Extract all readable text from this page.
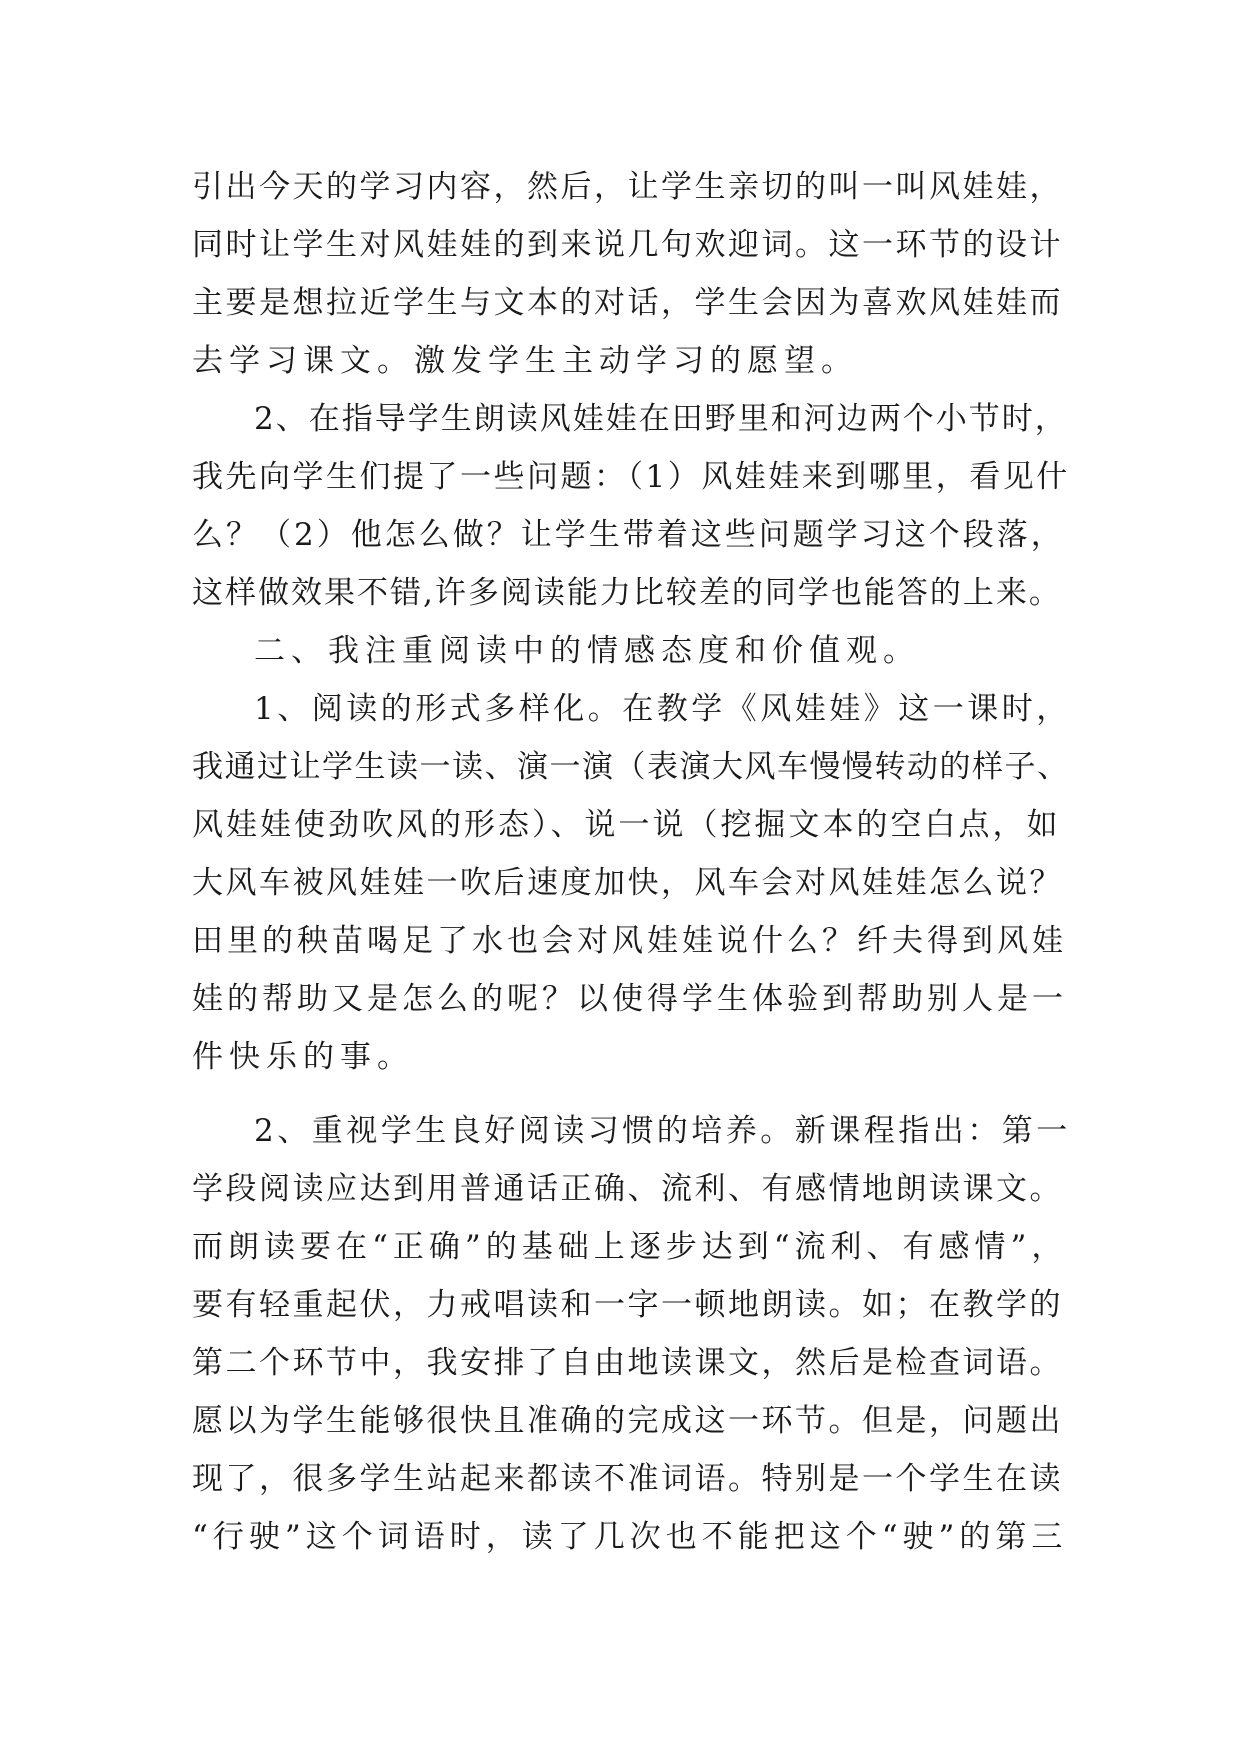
引出今天的学习内容，然后，让学生亲切的叫一叫风娃娃，
同时让学生对风娃娃的到来说几句欢迎词。这一环节的设计
主要是想拉近学生与文本的对话，学生会因为喜欢风娃娃而
去学习课文。激发学生主动学习的愿望。
2、在指导学生朗读风娃娃在田野里和河边两个小节时，
我先向学生们提了一些问题：（1）风娃娃来到哪里，看见什
么？（2）他怎么做？让学生带着这些问题学习这个段落，
这样做效果不错,许多阅读能力比较差的同学也能答的上来。
二、我注重阅读中的情感态度和价值观。
1、阅读的形式多样化。在教学《风娃娃》这一课时，
我通过让学生读一读、演一演（表演大风车慢慢转动的样子、
风娃娃使劲吹风的形态）、说一说（挖掘文本的空白点，如
大风车被风娃娃一吹后速度加快，风车会对风娃娃怎么说？
田里的秧苗喝足了水也会对风娃娃说什么？纤夫得到风娃
娃的帮助又是怎么的呢？以使得学生体验到帮助别人是一
件快乐的事。
2、重视学生良好阅读习惯的培养。新课程指出：第一
学段阅读应达到用普通话正确、流利、有感情地朗读课文。
而朗读要在“正确”的基础上逐步达到“流利、有感情”，
要有轻重起伏，力戒唱读和一字一顿地朗读。如；在教学的
第二个环节中，我安排了自由地读课文，然后是检查词语。
愿以为学生能够很快且准确的完成这一环节。但是，问题出
现了，很多学生站起来都读不准词语。特别是一个学生在读
“行驶”这个词语时，读了几次也不能把这个“驶”的第三
